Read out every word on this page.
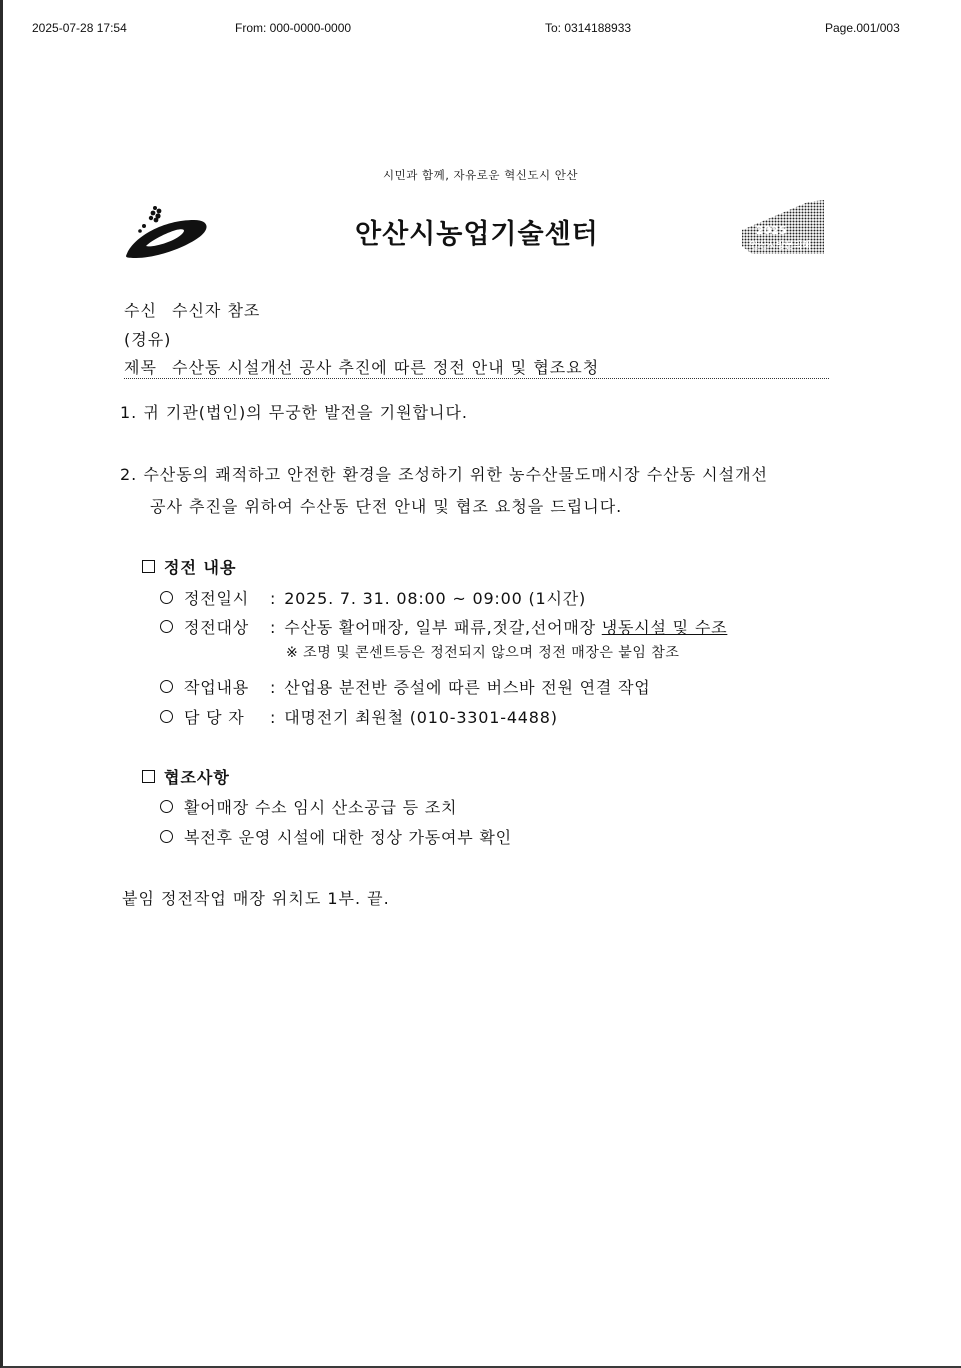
2025-07-28 17:54	From: 000-0000-0000	To: 0314188933	Page.001/003
시민과 함께, 자유로운 혁신도시 안산
안산시농업기술센터	2025
안산시방문의해
수신 수신자 참조
(경유)
제목 수산동 시설개선 공사 추진에 따른 정전 안내 및 협조요청
1. 귀 기관(법인)의 무궁한 발전을 기원합니다.
2. 수산동의 쾌적하고 안전한 환경을 조성하기 위한 농수산물도매시장 수산동 시설개선
공사 추진을 위하여 수산동 단전 안내 및 협조 요청을 드립니다.
정전 내용
정전일시 : 2025. 7. 31. 08:00 ~ 09:00 (1시간)
정전대상 : 수산동 활어매장, 일부 패류,젓갈,선어매장 냉동시설 및 수조
※ 조명 및 콘센트등은 정전되지 않으며 정전 매장은 붙임 참조
작업내용 : 산업용 분전반 증설에 따른 버스바 전원 연결 작업
담 당 자 : 대명전기 최원철 (010-3301-4488)
협조사항
활어매장 수소 임시 산소공급 등 조치
복전후 운영 시설에 대한 정상 가동여부 확인
붙임 정전작업 매장 위치도 1부. 끝.
